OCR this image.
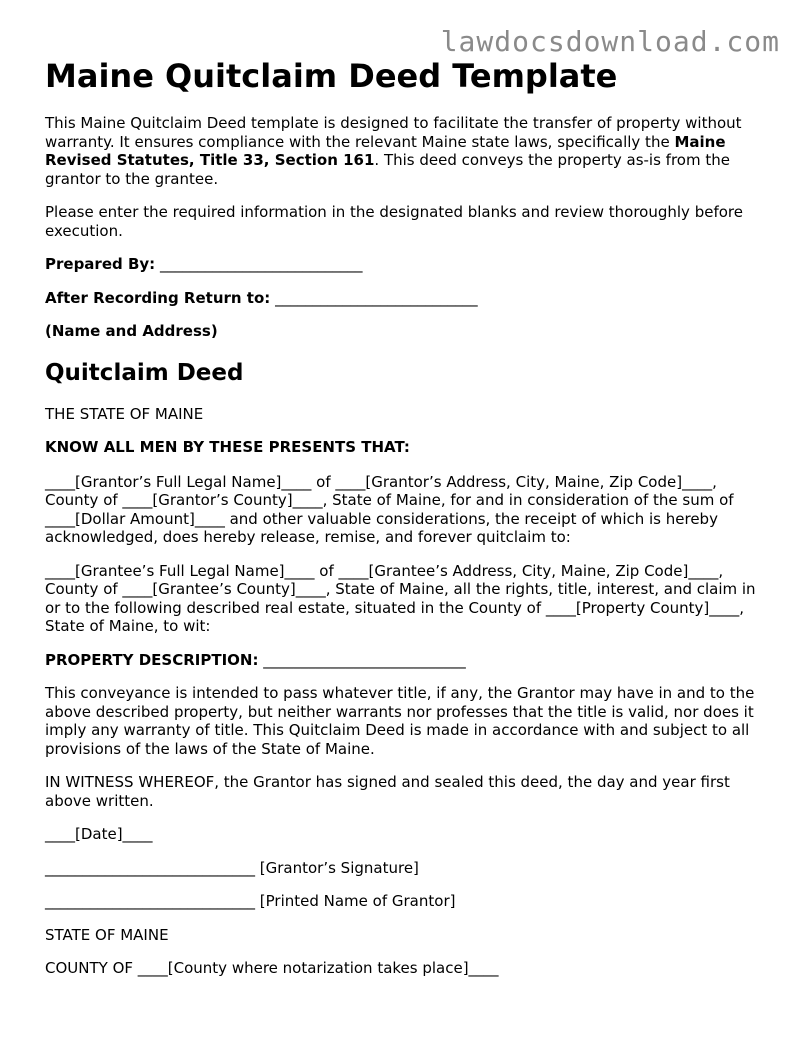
lawdocsdownload.com
Maine Quitclaim Deed Template

This Maine Quitclaim Deed template is designed to facilitate the transfer of property without warranty. It ensures compliance with the relevant Maine state laws, specifically the Maine Revised Statutes, Title 33, Section 161. This deed conveys the property as-is from the grantor to the grantee.

Please enter the required information in the designated blanks and review thoroughly before execution.

Prepared By: ___________________________

After Recording Return to: ___________________________

(Name and Address)

Quitclaim Deed

THE STATE OF MAINE

KNOW ALL MEN BY THESE PRESENTS THAT:

____[Grantor’s Full Legal Name]____ of ____[Grantor’s Address, City, Maine, Zip Code]____, County of ____[Grantor’s County]____, State of Maine, for and in consideration of the sum of ____[Dollar Amount]____ and other valuable considerations, the receipt of which is hereby acknowledged, does hereby release, remise, and forever quitclaim to:

____[Grantee’s Full Legal Name]____ of ____[Grantee’s Address, City, Maine, Zip Code]____, County of ____[Grantee’s County]____, State of Maine, all the rights, title, interest, and claim in or to the following described real estate, situated in the County of ____[Property County]____, State of Maine, to wit:

PROPERTY DESCRIPTION: ___________________________

This conveyance is intended to pass whatever title, if any, the Grantor may have in and to the above described property, but neither warrants nor professes that the title is valid, nor does it imply any warranty of title. This Quitclaim Deed is made in accordance with and subject to all provisions of the laws of the State of Maine.

IN WITNESS WHEREOF, the Grantor has signed and sealed this deed, the day and year first above written.

____[Date]____

____________________________ [Grantor’s Signature]

____________________________ [Printed Name of Grantor]

STATE OF MAINE

COUNTY OF ____[County where notarization takes place]____
